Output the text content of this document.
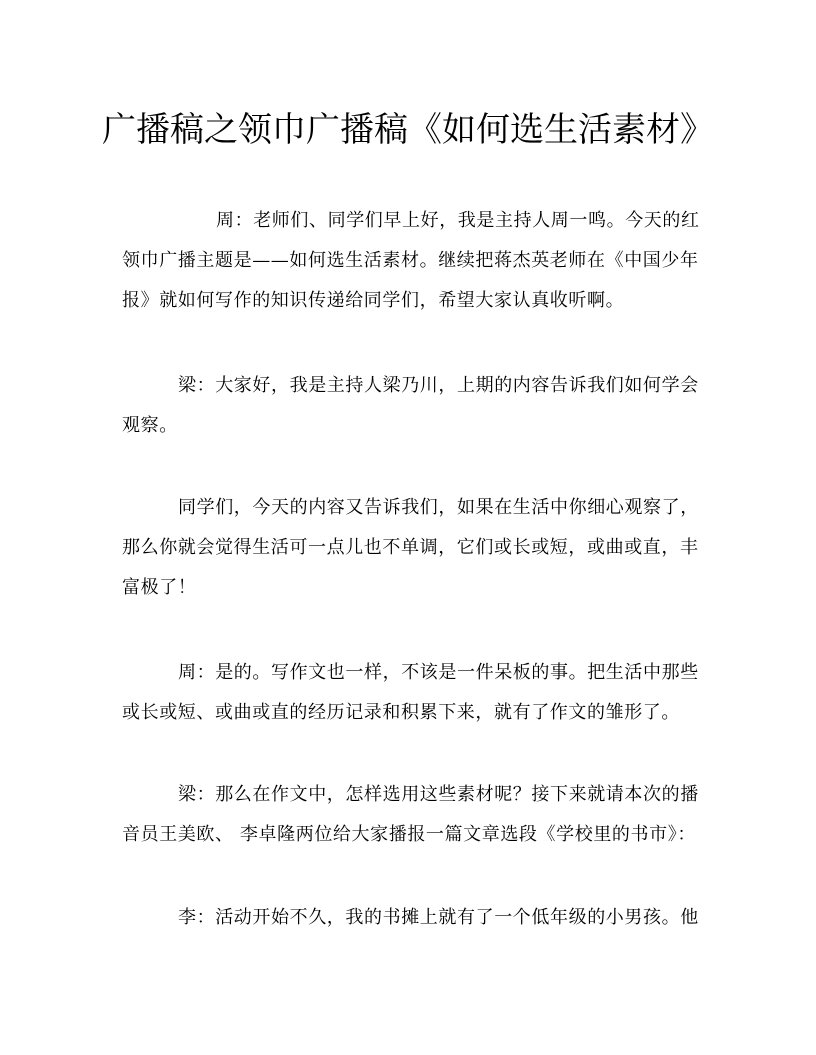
广播稿之领巾广播稿《如何选生活素材》

周：老师们、同学们早上好，我是主持人周一鸣。今天的红
领巾广播主题是——如何选生活素材。继续把蒋杰英老师在《中国少年
报》就如何写作的知识传递给同学们，希望大家认真收听啊。

梁：大家好，我是主持人梁乃川，上期的内容告诉我们如何学会
观察。

同学们，今天的内容又告诉我们，如果在生活中你细心观察了，
那么你就会觉得生活可一点儿也不单调，它们或长或短，或曲或直，丰
富极了！

周：是的。写作文也一样，不该是一件呆板的事。把生活中那些
或长或短、或曲或直的经历记录和积累下来，就有了作文的雏形了。

梁：那么在作文中，怎样选用这些素材呢？接下来就请本次的播
音员王美欧、 李卓隆两位给大家播报一篇文章选段《学校里的书市》：

李：活动开始不久，我的书摊上就有了一个低年级的小男孩。他
